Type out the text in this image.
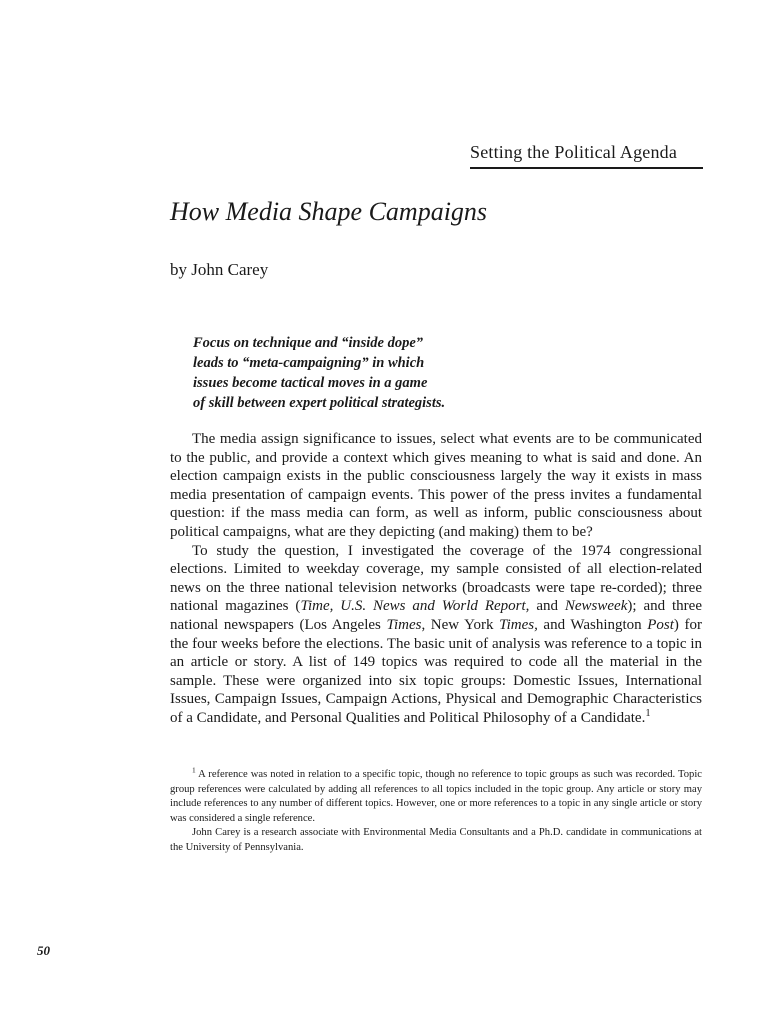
Setting the Political Agenda
How Media Shape Campaigns
by John Carey
Focus on technique and “inside dope”
leads to “meta-campaigning” in which
issues become tactical moves in a game
of skill between expert political strategists.

The media assign significance to issues, select what events are to be communicated to the public, and provide a context which gives meaning to what is said and done. An election campaign exists in the public consciousness largely the way it exists in mass media presentation of campaign events. This power of the press invites a fundamental question: if the mass media can form, as well as inform, public consciousness about political campaigns, what are they depicting (and making) them to be?

To study the question, I investigated the coverage of the 1974 congressional elections. Limited to weekday coverage, my sample consisted of all election-related news on the three national television networks (broadcasts were tape re-corded); three national magazines (Time, U.S. News and World Report, and Newsweek); and three national newspapers (Los Angeles Times, New York Times, and Washington Post) for the four weeks before the elections. The basic unit of analysis was reference to a topic in an article or story. A list of 149 topics was required to code all the material in the sample. These were organized into six topic groups: Domestic Issues, International Issues, Campaign Issues, Campaign Actions, Physical and Demographic Characteristics of a Candidate, and Personal Qualities and Political Philosophy of a Candidate.$^1$

$^1$ A reference was noted in relation to a specific topic, though no reference to topic groups as such was recorded. Topic group references were calculated by adding all references to all topics included in the topic group. Any article or story may include references to any number of different topics. However, one or more references to a topic in any single article or story was considered a single reference.

John Carey is a research associate with Environmental Media Consultants and a Ph.D. candidate in communications at the University of Pennsylvania.

50
